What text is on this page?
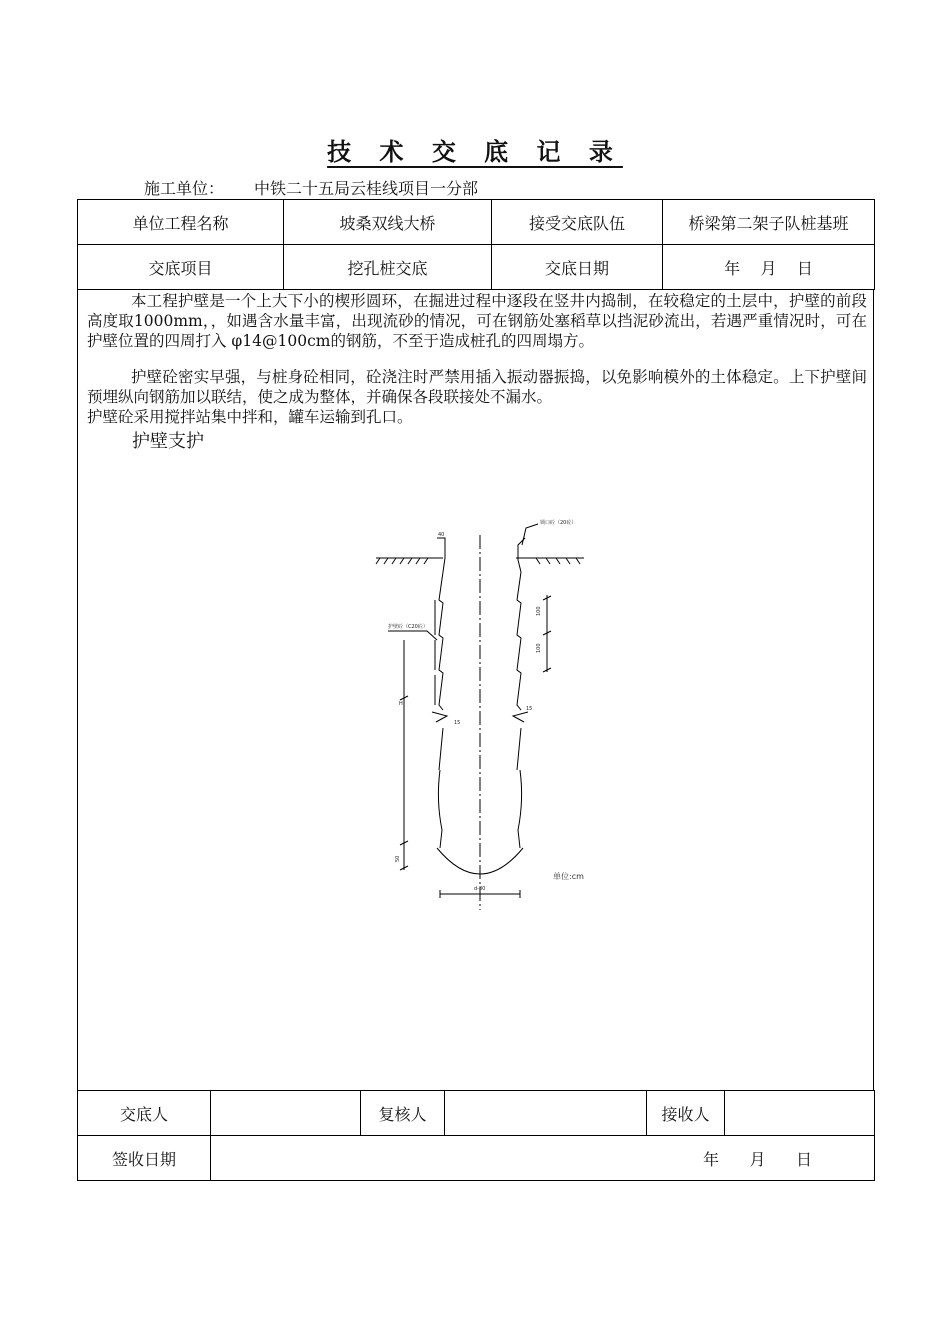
技 术 交 底 记 录
施工单位： 中铁二十五局云桂线项目一分部
单位工程名称	坡桑双线大桥	接受交底队伍	桥梁第二架子队桩基班
交底项目	挖孔桩交底	交底日期	年    月    日
本工程护壁是一个上大下小的楔形圆环，在掘进过程中逐段在竖井内捣制，在较稳定的土层中，护壁的前段高度取1000mm，，如遇含水量丰富，出现流砂的情况，可在钢筋处塞稻草以挡泥砂流出，若遇严重情况时，可在护壁位置的四周打入 φ14@100cm的钢筋，不至于造成桩孔的四周塌方。
护壁砼密实早强，与桩身砼相同，砼浇注时严禁用插入振动器振捣，以免影响模外的土体稳定。上下护壁间预埋纵向钢筋加以联结，使之成为整体，并确保各段联接处不漏水。
护壁砼采用搅拌站集中拌和，罐车运输到孔口。
护壁支护
锁口砼（20砼）
护壁砼（C20砼）
40
100
100
H
15
15
50
d-80
单位:cm
交底人		复核人		接收人	
签收日期	年      月      日				
